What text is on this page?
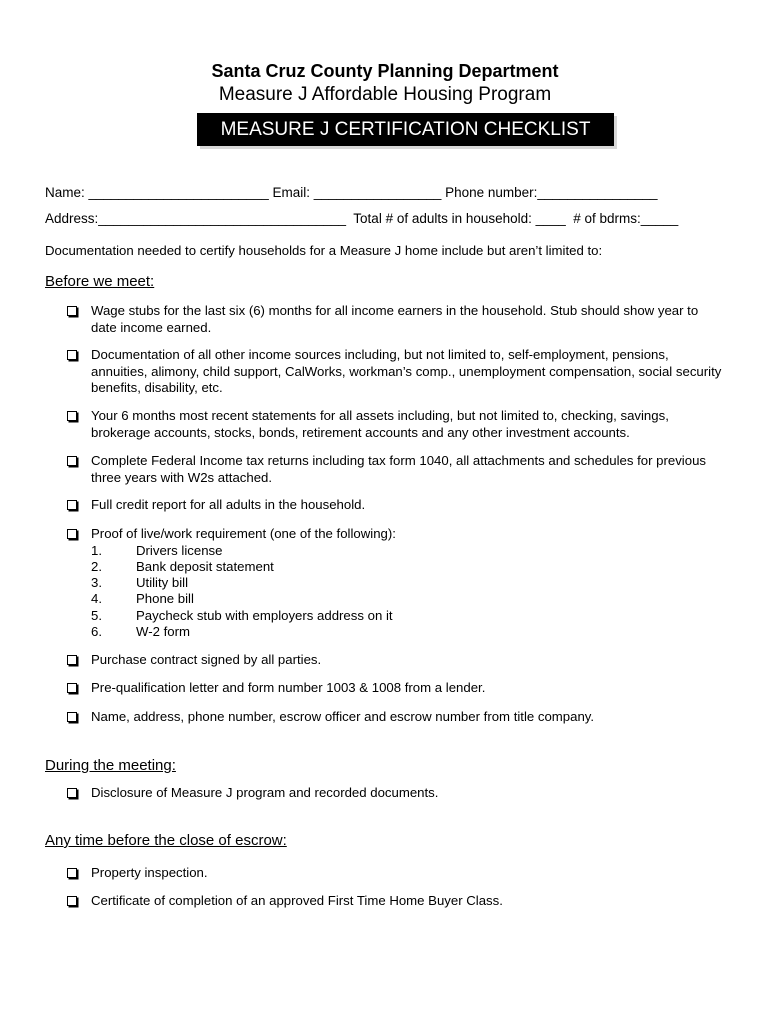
Santa Cruz County Planning Department
Measure J Affordable Housing Program
MEASURE J CERTIFICATION CHECKLIST
Name: ________________________ Email: _________________ Phone number:________________
Address:_________________________________  Total # of adults in household: ____  # of bdrms:_____
Documentation needed to certify households for a Measure J home include but aren’t limited to:
Before we meet:
Wage stubs for the last six (6) months for all income earners in the household. Stub should show year to date income earned.
Documentation of all other income sources including, but not limited to, self-employment, pensions, annuities, alimony, child support, CalWorks, workman’s comp., unemployment compensation, social security benefits, disability, etc.
Your 6 months most recent statements for all assets including, but not limited to, checking, savings, brokerage accounts, stocks, bonds, retirement accounts and any other investment accounts.
Complete Federal Income tax returns including tax form 1040, all attachments and schedules for previous three years with W2s attached.
Full credit report for all adults in the household.
Proof of live/work requirement (one of the following):
1.	Drivers license
2.	Bank deposit statement
3.	Utility bill
4.	Phone bill
5.	Paycheck stub with employers address on it
6.	W-2 form
Purchase contract signed by all parties.
Pre-qualification letter and form number 1003 & 1008 from a lender.
Name, address, phone number, escrow officer and escrow number from title company.
During the meeting:
Disclosure of Measure J program and recorded documents.
Any time before the close of escrow:
Property inspection.
Certificate of completion of an approved First Time Home Buyer Class.
